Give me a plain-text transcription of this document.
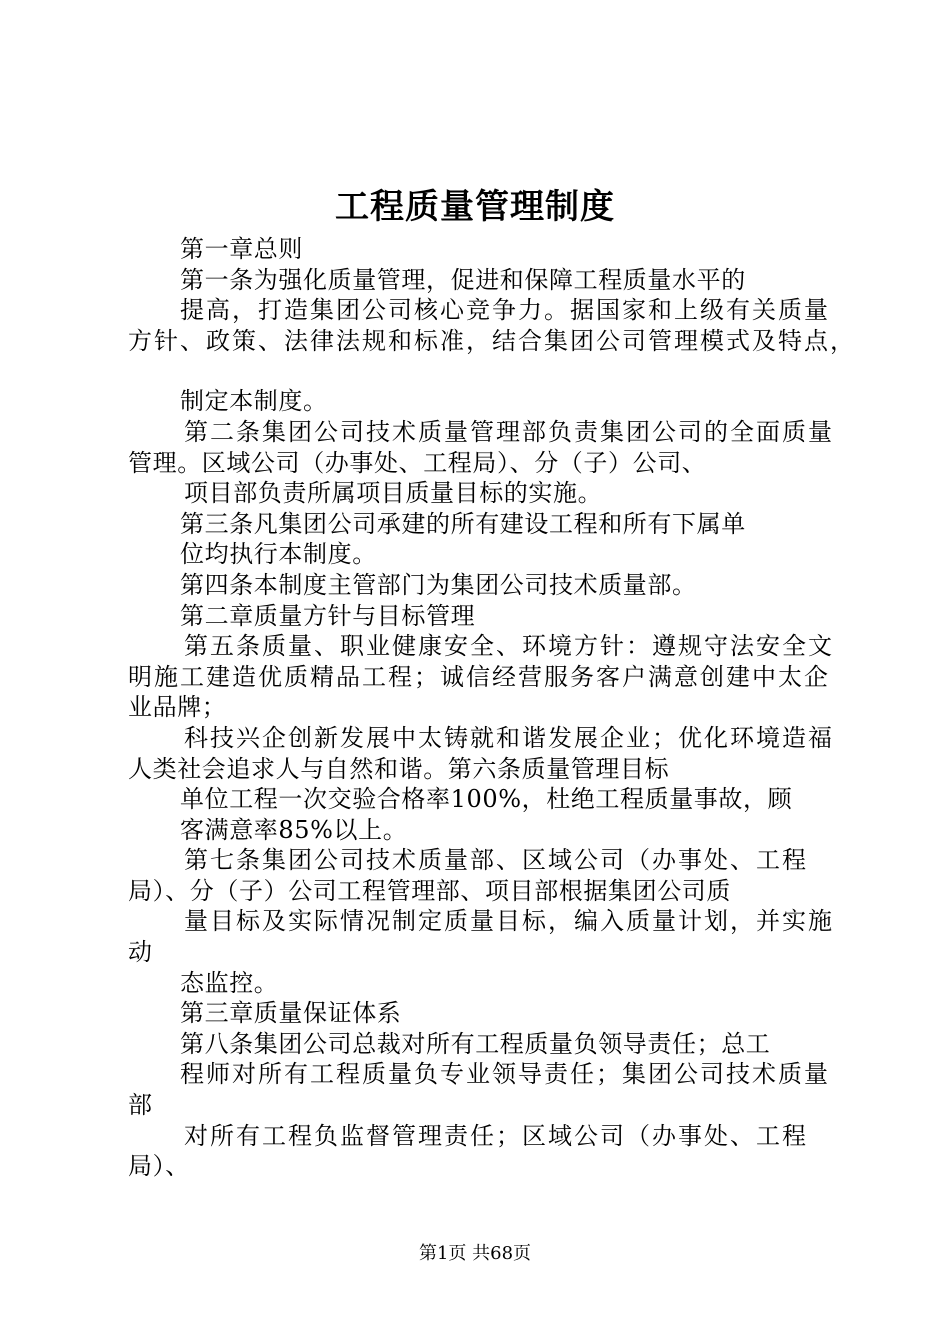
工程质量管理制度
第一章总则
第一条为强化质量管理，促进和保障工程质量水平的
提高，打造集团公司核心竞争力。据国家和上级有关质量
方针、政策、法律法规和标准，结合集团公司管理模式及特点，
制定本制度。
第二条集团公司技术质量管理部负责集团公司的全面质量
管理。区域公司（办事处、工程局）、分（子）公司、
项目部负责所属项目质量目标的实施。
第三条凡集团公司承建的所有建设工程和所有下属单
位均执行本制度。
第四条本制度主管部门为集团公司技术质量部。
第二章质量方针与目标管理
第五条质量、职业健康安全、环境方针：遵规守法安全文
明施工建造优质精品工程；诚信经营服务客户满意创建中太企
业品牌；
科技兴企创新发展中太铸就和谐发展企业；优化环境造福
人类社会追求人与自然和谐。第六条质量管理目标
单位工程一次交验合格率100%，杜绝工程质量事故，顾
客满意率85%以上。
第七条集团公司技术质量部、区域公司（办事处、工程
局）、分（子）公司工程管理部、项目部根据集团公司质
量目标及实际情况制定质量目标，编入质量计划，并实施
动
态监控。
第三章质量保证体系
第八条集团公司总裁对所有工程质量负领导责任；总工
程师对所有工程质量负专业领导责任；集团公司技术质量
部
对所有工程负监督管理责任；区域公司（办事处、工程
局）、
第1页 共68页
